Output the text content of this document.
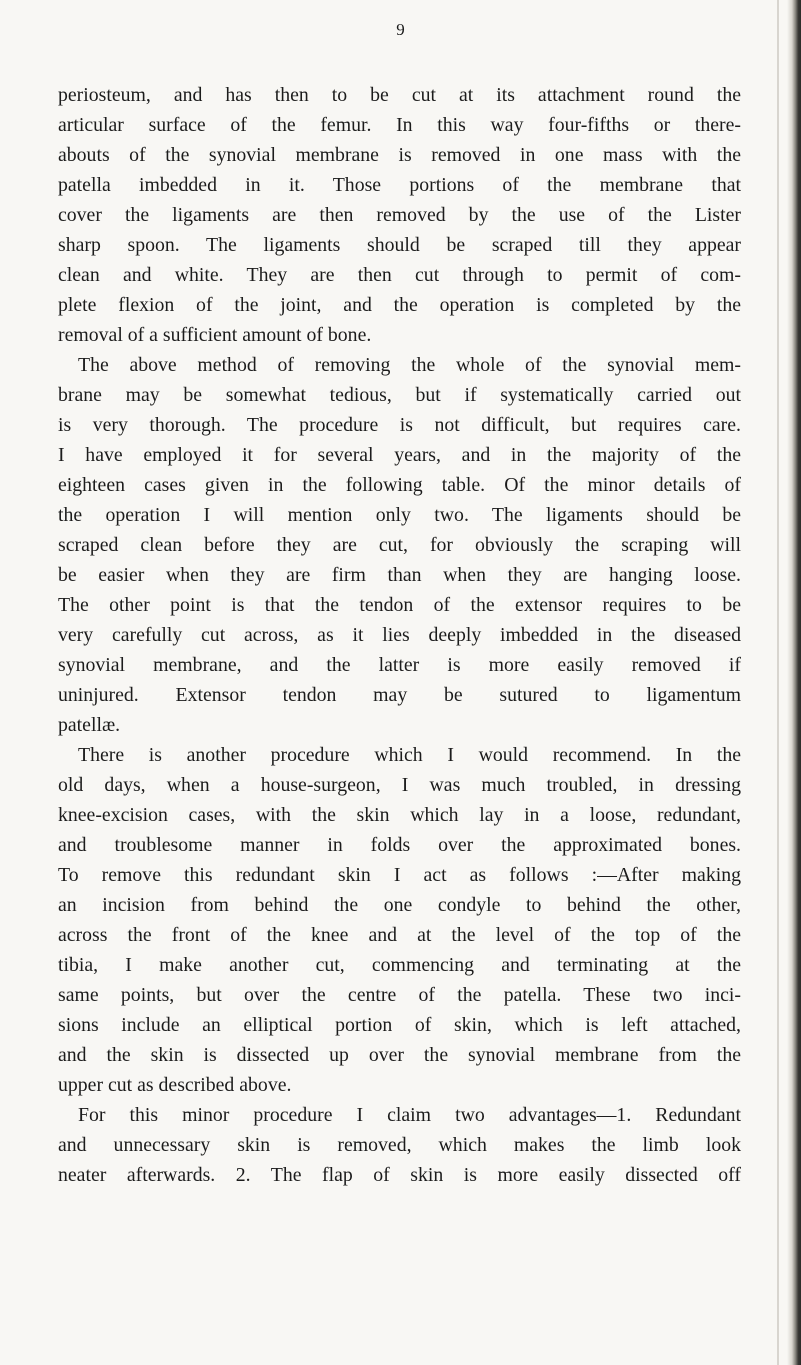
9
periosteum, and has then to be cut at its attachment round the
articular surface of the femur. In this way four-fifths or there-
abouts of the synovial membrane is removed in one mass with the
patella imbedded in it. Those portions of the membrane that
cover the ligaments are then removed by the use of the Lister
sharp spoon. The ligaments should be scraped till they appear
clean and white. They are then cut through to permit of com-
plete flexion of the joint, and the operation is completed by the
removal of a sufficient amount of bone.
The above method of removing the whole of the synovial mem-
brane may be somewhat tedious, but if systematically carried out
is very thorough. The procedure is not difficult, but requires care.
I have employed it for several years, and in the majority of the
eighteen cases given in the following table. Of the minor details of
the operation I will mention only two. The ligaments should be
scraped clean before they are cut, for obviously the scraping will
be easier when they are firm than when they are hanging loose.
The other point is that the tendon of the extensor requires to be
very carefully cut across, as it lies deeply imbedded in the diseased
synovial membrane, and the latter is more easily removed if
uninjured. Extensor tendon may be sutured to ligamentum
patellæ.
There is another procedure which I would recommend. In the
old days, when a house-surgeon, I was much troubled, in dressing
knee-excision cases, with the skin which lay in a loose, redundant,
and troublesome manner in folds over the approximated bones.
To remove this redundant skin I act as follows :—After making
an incision from behind the one condyle to behind the other,
across the front of the knee and at the level of the top of the
tibia, I make another cut, commencing and terminating at the
same points, but over the centre of the patella. These two inci-
sions include an elliptical portion of skin, which is left attached,
and the skin is dissected up over the synovial membrane from the
upper cut as described above.
For this minor procedure I claim two advantages—1. Redundant
and unnecessary skin is removed, which makes the limb look
neater afterwards. 2. The flap of skin is more easily dissected off
